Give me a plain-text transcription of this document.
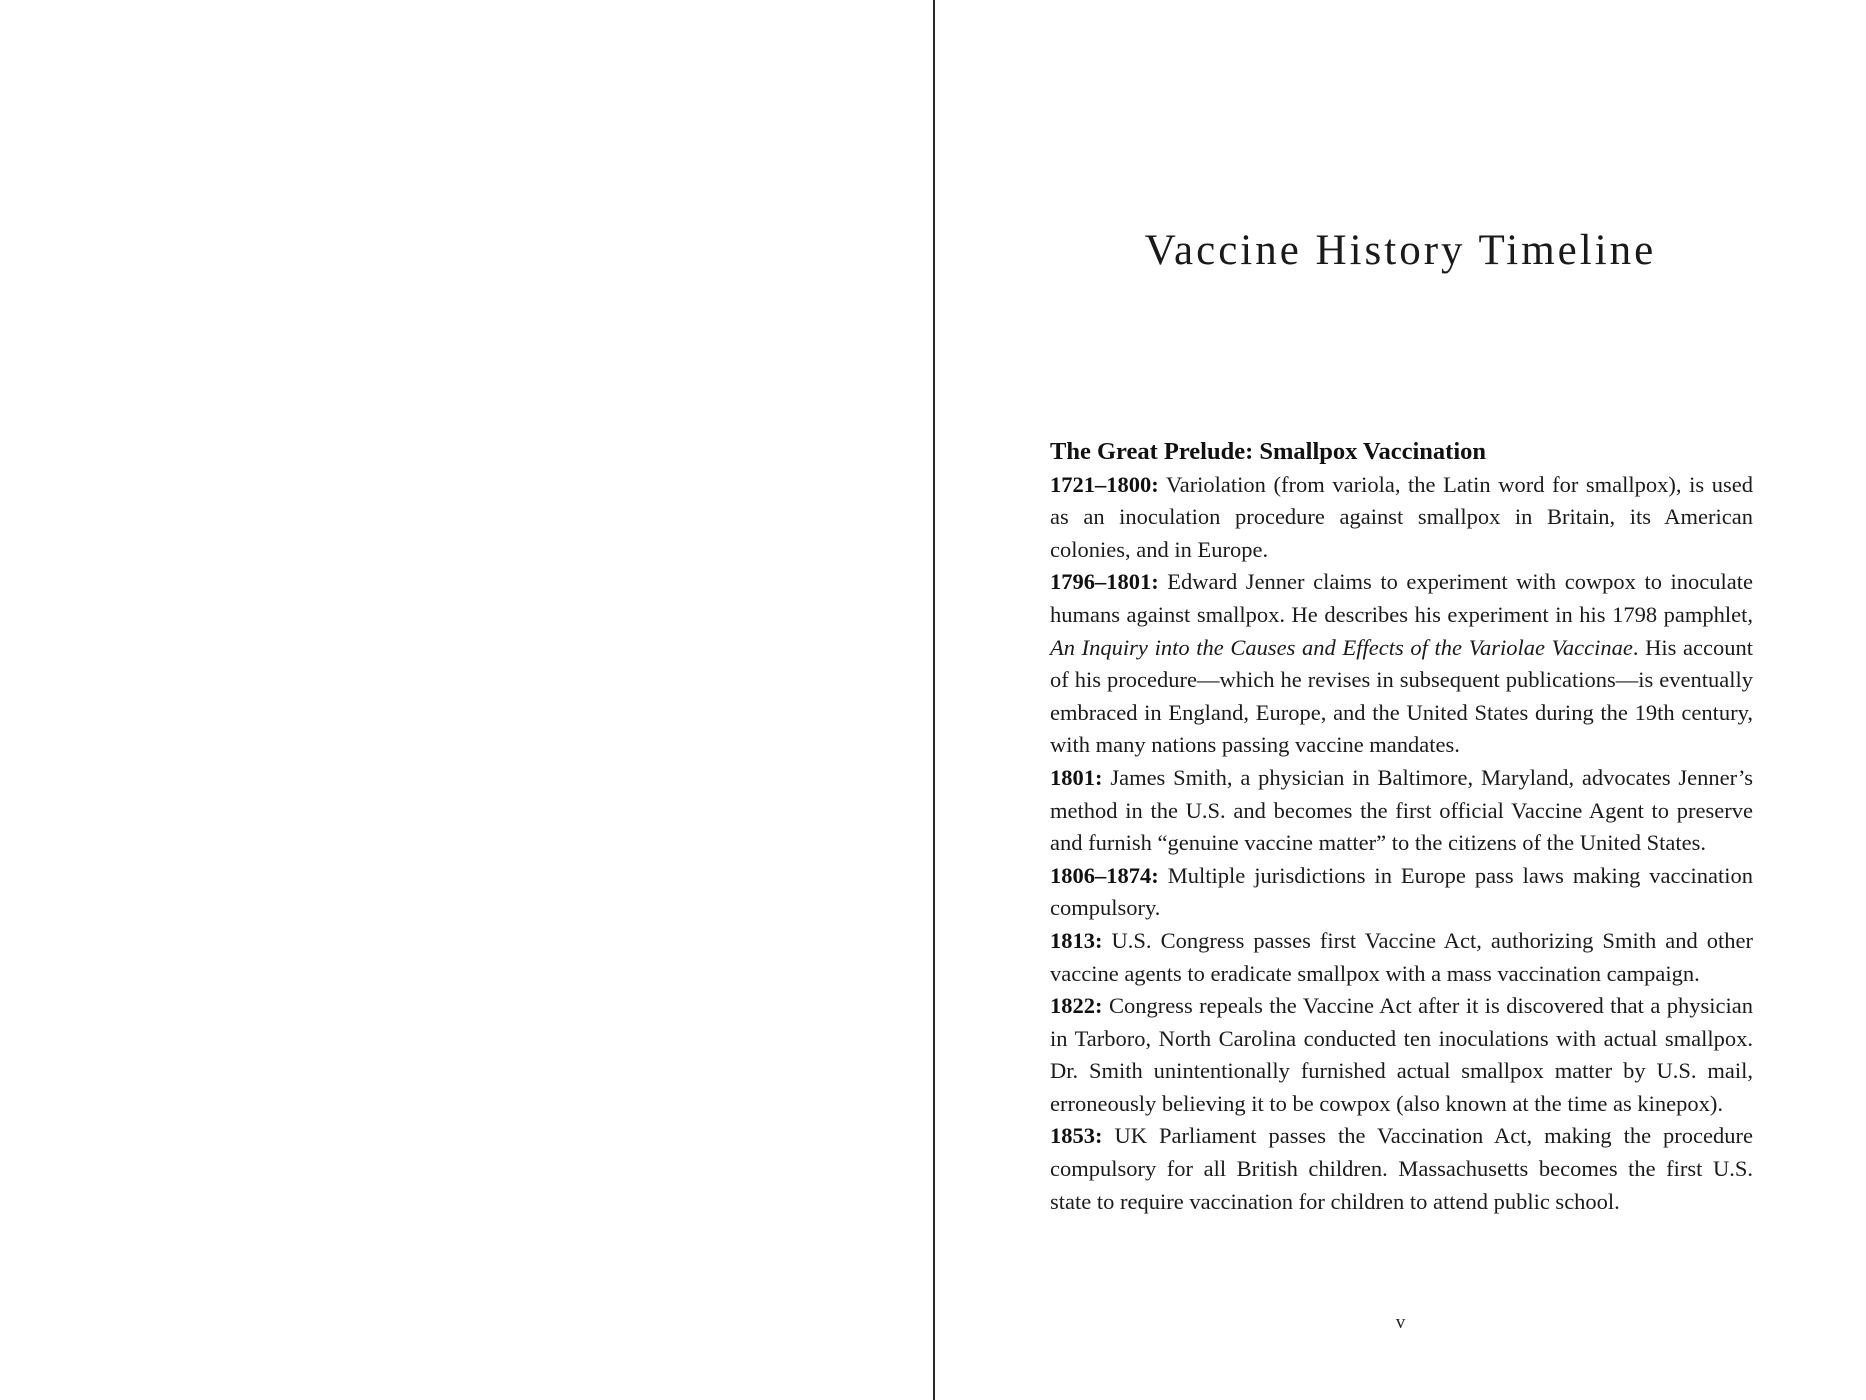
Vaccine History Timeline

The Great Prelude: Smallpox Vaccination

1721–1800: Variolation (from variola, the Latin word for smallpox), is used as an inoculation procedure against smallpox in Britain, its American colonies, and in Europe.

1796–1801: Edward Jenner claims to experiment with cowpox to inoculate humans against smallpox. He describes his experiment in his 1798 pamphlet, An Inquiry into the Causes and Effects of the Variolae Vaccinae. His account of his procedure—which he revises in subsequent publications—is eventually embraced in England, Europe, and the United States during the 19th century, with many nations passing vaccine mandates.

1801: James Smith, a physician in Baltimore, Maryland, advocates Jenner’s method in the U.S. and becomes the first official Vaccine Agent to preserve and furnish “genuine vaccine matter” to the citizens of the United States.

1806–1874: Multiple jurisdictions in Europe pass laws making vaccination compulsory.

1813: U.S. Congress passes first Vaccine Act, authorizing Smith and other vaccine agents to eradicate smallpox with a mass vaccination campaign.

1822: Congress repeals the Vaccine Act after it is discovered that a physician in Tarboro, North Carolina conducted ten inoculations with actual smallpox. Dr. Smith unintentionally furnished actual smallpox matter by U.S. mail, erroneously believing it to be cowpox (also known at the time as kinepox).

1853: UK Parliament passes the Vaccination Act, making the procedure compulsory for all British children. Massachusetts becomes the first U.S. state to require vaccination for children to attend public school.

v
